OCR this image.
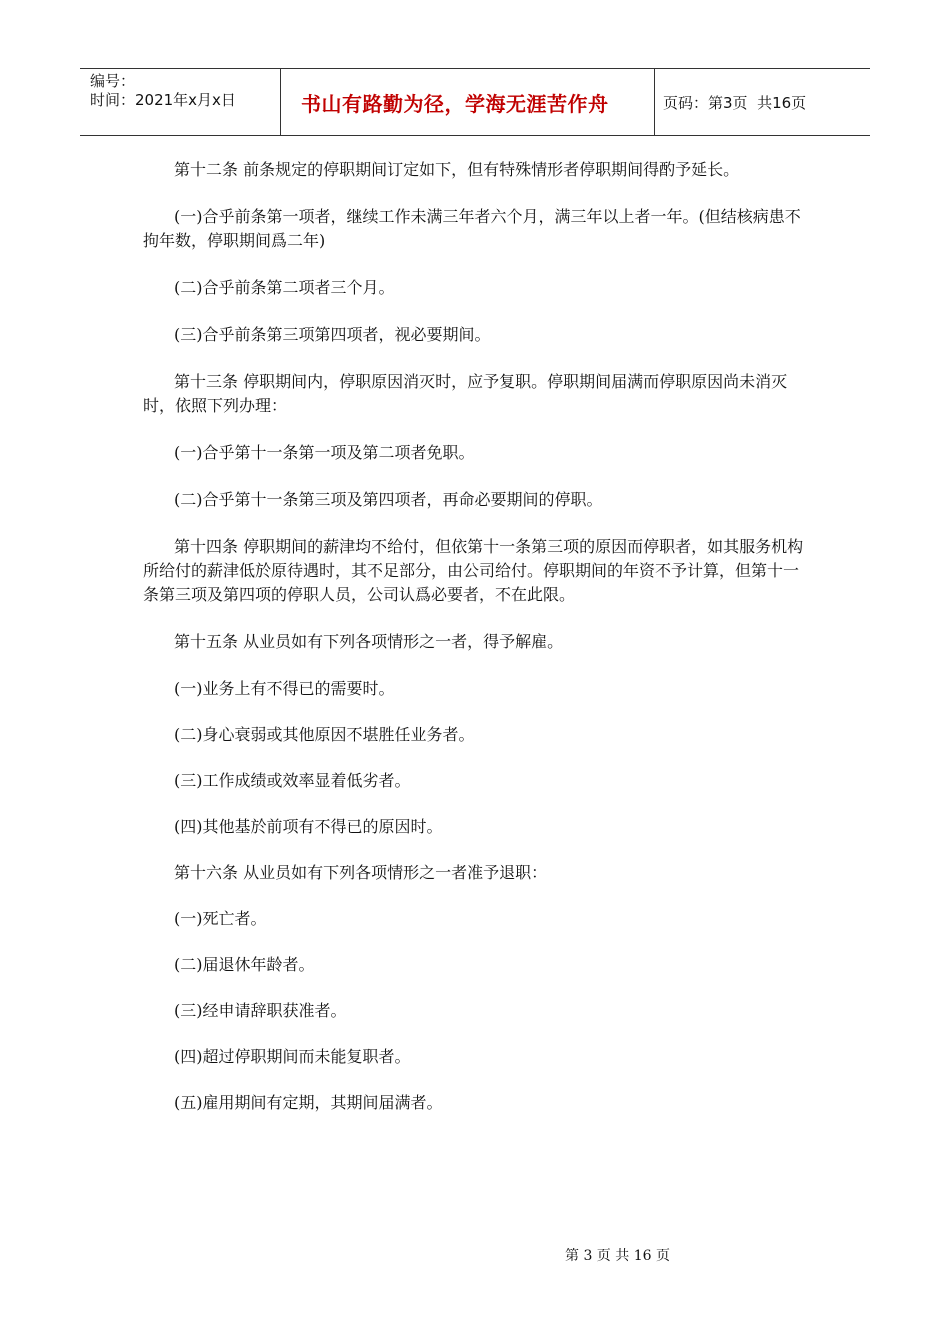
编号：
时间：2021年x月x日	书山有路勤为径，学海无涯苦作舟	页码：第3页  共16页

第十二条 前条规定的停职期间订定如下，但有特殊情形者停职期间得酌予延长。

(一)合乎前条第一项者，继续工作未满三年者六个月，满三年以上者一年。(但结核病患不拘年数，停职期间爲二年)

(二)合乎前条第二项者三个月。

(三)合乎前条第三项第四项者，视必要期间。

第十三条 停职期间内，停职原因消灭时，应予复职。停职期间届满而停职原因尚未消灭时，依照下列办理：

(一)合乎第十一条第一项及第二项者免职。

(二)合乎第十一条第三项及第四项者，再命必要期间的停职。

第十四条 停职期间的薪津均不给付，但依第十一条第三项的原因而停职者，如其服务机构所给付的薪津低於原待遇时，其不足部分，由公司给付。停职期间的年资不予计算，但第十一条第三项及第四项的停职人员，公司认爲必要者，不在此限。

第十五条 从业员如有下列各项情形之一者，得予解雇。

(一)业务上有不得已的需要时。

(二)身心衰弱或其他原因不堪胜任业务者。

(三)工作成绩或效率显着低劣者。

(四)其他基於前项有不得已的原因时。

第十六条 从业员如有下列各项情形之一者准予退职：

(一)死亡者。

(二)届退休年龄者。

(三)经申请辞职获准者。

(四)超过停职期间而未能复职者。

(五)雇用期间有定期，其期间届满者。

第 3 页 共 16 页
